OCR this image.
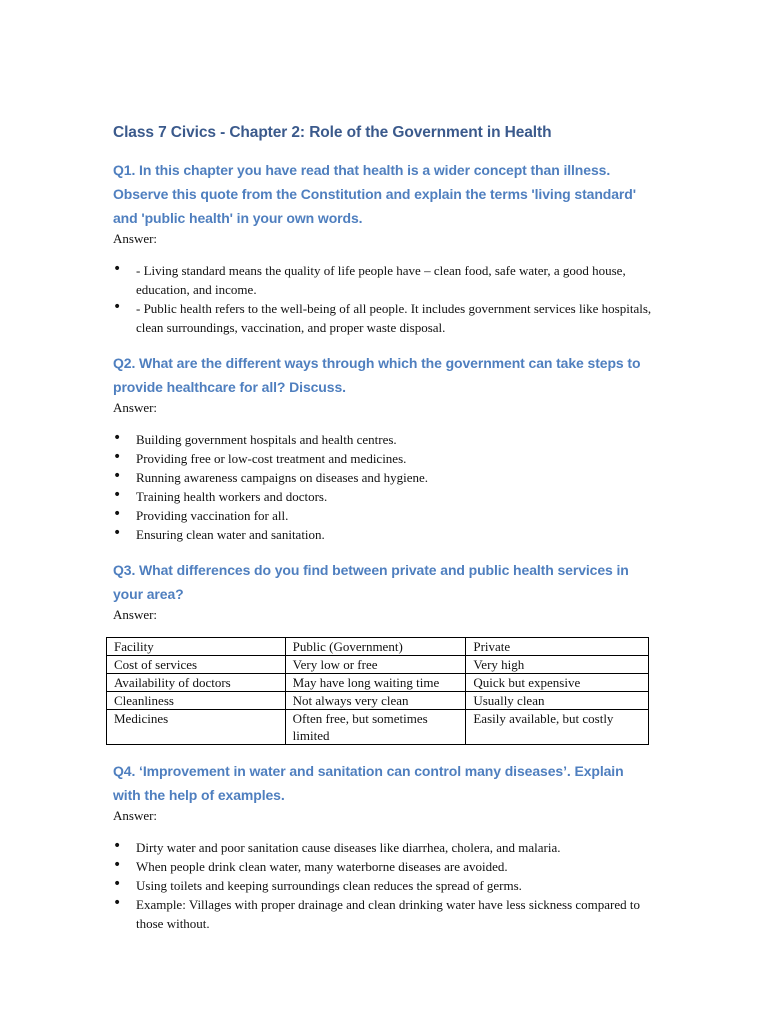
Class 7 Civics - Chapter 2: Role of the Government in Health

Q1. In this chapter you have read that health is a wider concept than illness. Observe this quote from the Constitution and explain the terms 'living standard' and 'public health' in your own words.

Answer:

• - Living standard means the quality of life people have – clean food, safe water, a good house, education, and income.
• - Public health refers to the well-being of all people. It includes government services like hospitals, clean surroundings, vaccination, and proper waste disposal.

Q2. What are the different ways through which the government can take steps to provide healthcare for all? Discuss.

Answer:

• Building government hospitals and health centres.
• Providing free or low-cost treatment and medicines.
• Running awareness campaigns on diseases and hygiene.
• Training health workers and doctors.
• Providing vaccination for all.
• Ensuring clean water and sanitation.

Q3. What differences do you find between private and public health services in your area?

Answer:

Facility	Public (Government)	Private
Cost of services	Very low or free	Very high
Availability of doctors	May have long waiting time	Quick but expensive
Cleanliness	Not always very clean	Usually clean
Medicines	Often free, but sometimes limited	Easily available, but costly

Q4. ‘Improvement in water and sanitation can control many diseases’. Explain with the help of examples.

Answer:

• Dirty water and poor sanitation cause diseases like diarrhea, cholera, and malaria.
• When people drink clean water, many waterborne diseases are avoided.
• Using toilets and keeping surroundings clean reduces the spread of germs.
• Example: Villages with proper drainage and clean drinking water have less sickness compared to those without.
